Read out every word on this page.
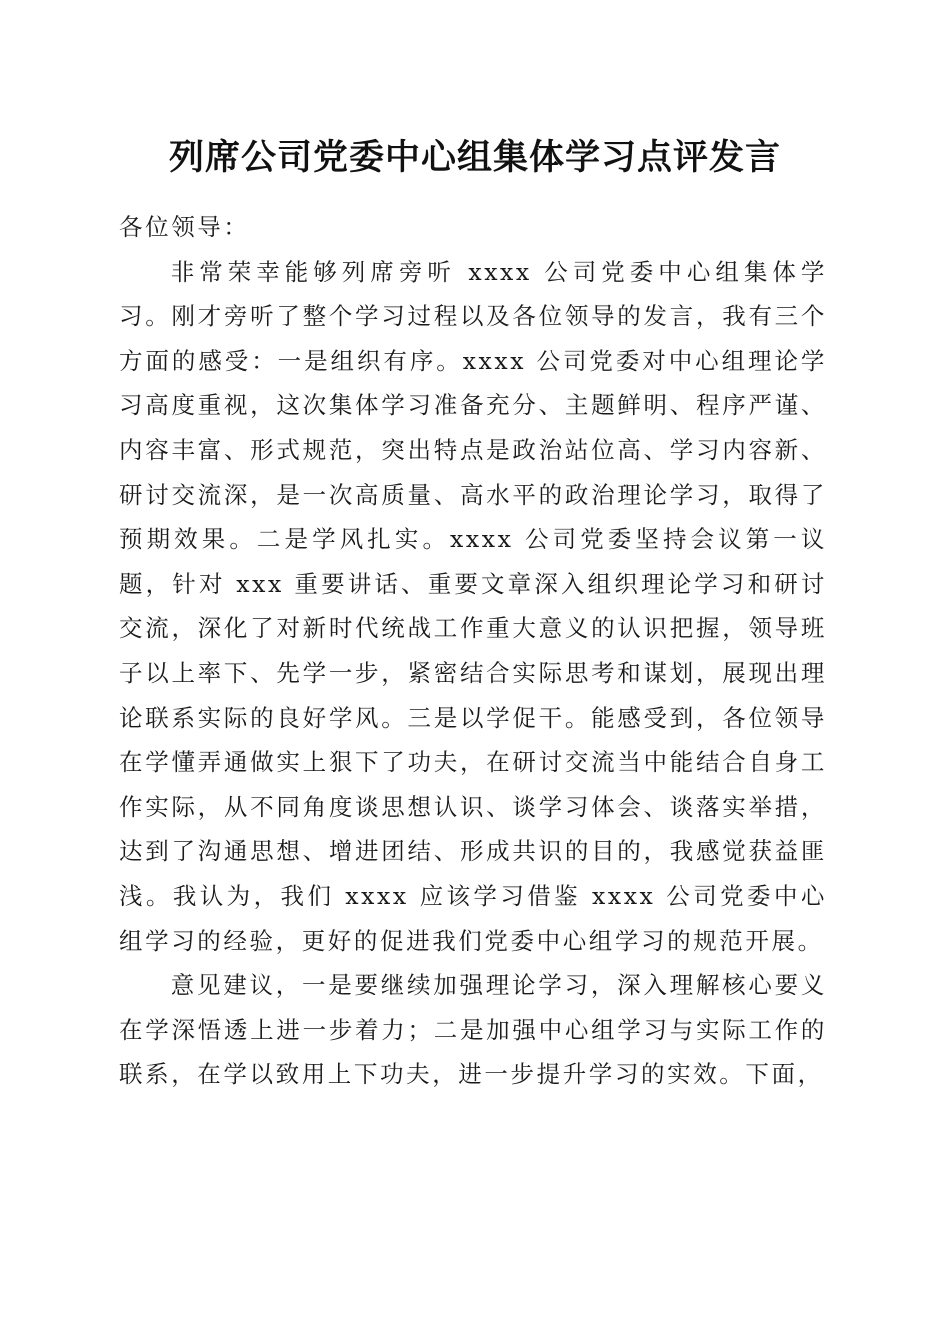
列席公司党委中心组集体学习点评发言

各位领导：

非常荣幸能够列席旁听 xxxx 公司党委中心组集体学习。刚才旁听了整个学习过程以及各位领导的发言，我有三个方面的感受：一是组织有序。xxxx 公司党委对中心组理论学习高度重视，这次集体学习准备充分、主题鲜明、程序严谨、内容丰富、形式规范，突出特点是政治站位高、学习内容新、研讨交流深，是一次高质量、高水平的政治理论学习，取得了预期效果。二是学风扎实。xxxx 公司党委坚持会议第一议题，针对 xxx 重要讲话、重要文章深入组织理论学习和研讨交流，深化了对新时代统战工作重大意义的认识把握，领导班子以上率下、先学一步，紧密结合实际思考和谋划，展现出理论联系实际的良好学风。三是以学促干。能感受到，各位领导在学懂弄通做实上狠下了功夫，在研讨交流当中能结合自身工作实际，从不同角度谈思想认识、谈学习体会、谈落实举措，达到了沟通思想、增进团结、形成共识的目的，我感觉获益匪浅。我认为，我们 xxxx 应该学习借鉴 xxxx 公司党委中心组学习的经验，更好的促进我们党委中心组学习的规范开展。

意见建议，一是要继续加强理论学习，深入理解核心要义在学深悟透上进一步着力；二是加强中心组学习与实际工作的联系，在学以致用上下功夫，进一步提升学习的实效。下面，
